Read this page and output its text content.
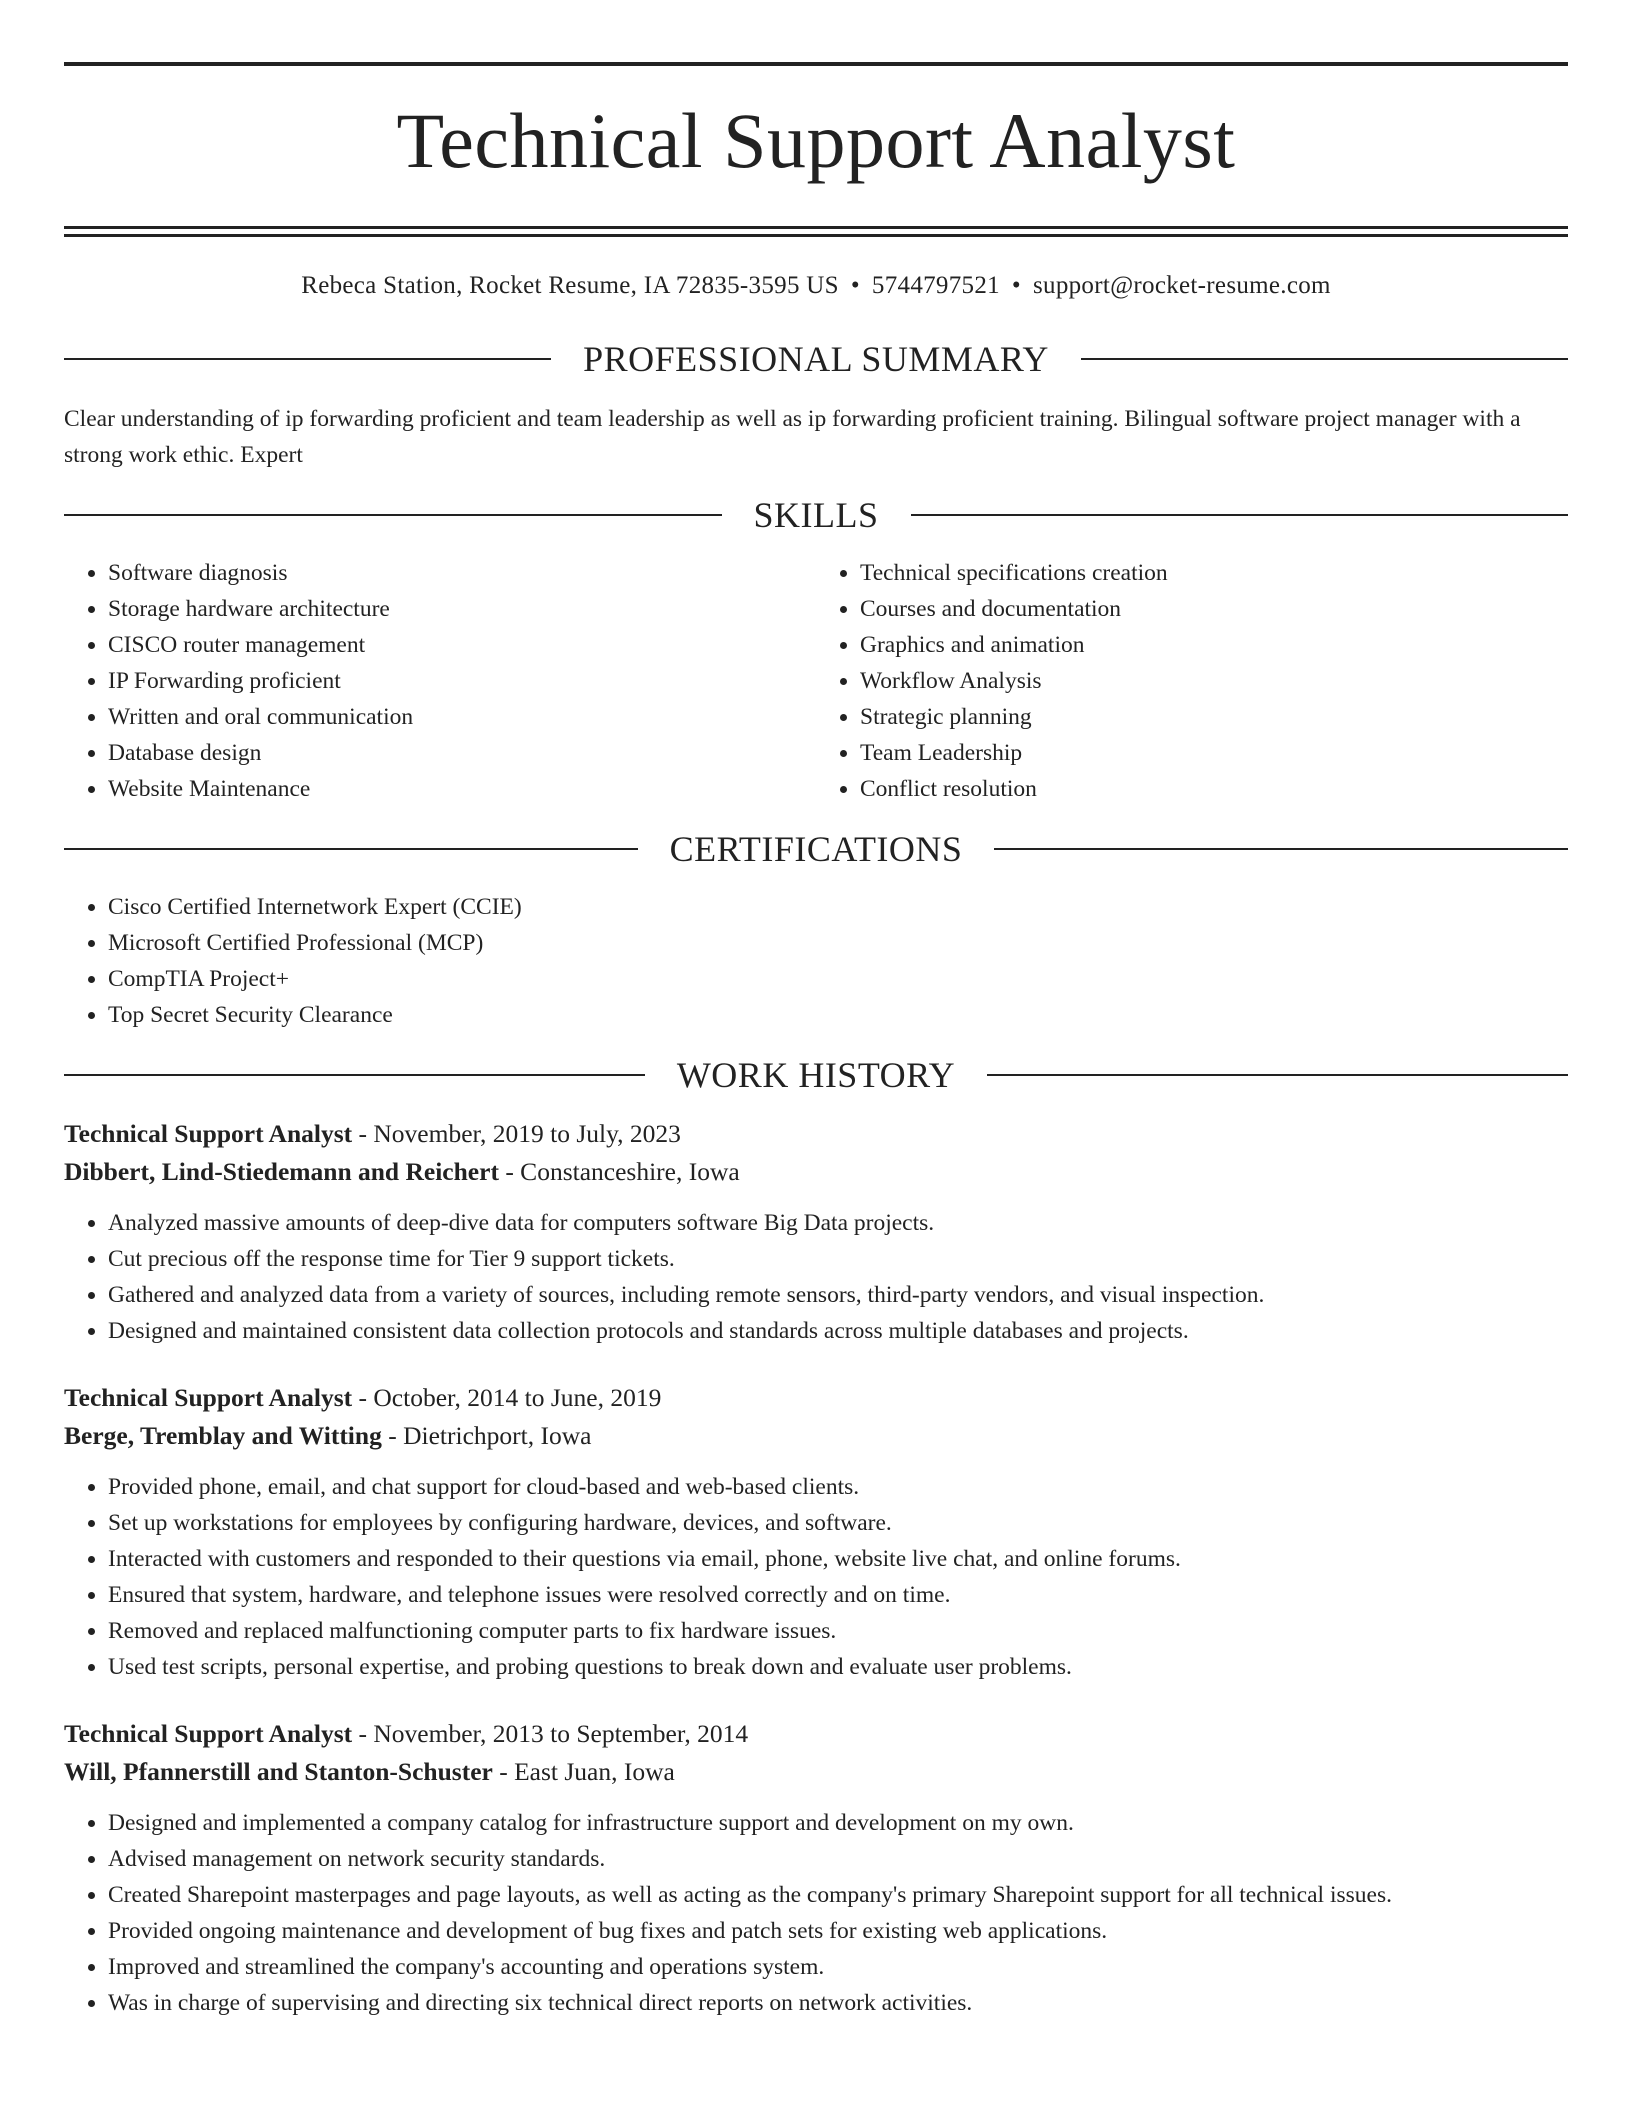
Technical Support Analyst
Rebeca Station, Rocket Resume, IA 72835-3595 US • 5744797521 • support@rocket-resume.com
PROFESSIONAL SUMMARY

Clear understanding of ip forwarding proficient and team leadership as well as ip forwarding proficient training. Bilingual software project manager with a strong work ethic. Expert

SKILLS
• Software diagnosis
• Storage hardware architecture
• CISCO router management
• IP Forwarding proficient
• Written and oral communication
• Database design
• Website Maintenance
• Technical specifications creation
• Courses and documentation
• Graphics and animation
• Workflow Analysis
• Strategic planning
• Team Leadership
• Conflict resolution
CERTIFICATIONS
• Cisco Certified Internetwork Expert (CCIE)
• Microsoft Certified Professional (MCP)
• CompTIA Project+
• Top Secret Security Clearance
WORK HISTORY

Technical Support Analyst - November, 2019 to July, 2023

Dibbert, Lind-Stiedemann and Reichert - Constanceshire, Iowa

• Analyzed massive amounts of deep-dive data for computers software Big Data projects.
• Cut precious off the response time for Tier 9 support tickets.
• Gathered and analyzed data from a variety of sources, including remote sensors, third-party vendors, and visual inspection.
• Designed and maintained consistent data collection protocols and standards across multiple databases and projects.

Technical Support Analyst - October, 2014 to June, 2019

Berge, Tremblay and Witting - Dietrichport, Iowa

• Provided phone, email, and chat support for cloud-based and web-based clients.
• Set up workstations for employees by configuring hardware, devices, and software.
• Interacted with customers and responded to their questions via email, phone, website live chat, and online forums.
• Ensured that system, hardware, and telephone issues were resolved correctly and on time.
• Removed and replaced malfunctioning computer parts to fix hardware issues.
• Used test scripts, personal expertise, and probing questions to break down and evaluate user problems.

Technical Support Analyst - November, 2013 to September, 2014

Will, Pfannerstill and Stanton-Schuster - East Juan, Iowa

• Designed and implemented a company catalog for infrastructure support and development on my own.
• Advised management on network security standards.
• Created Sharepoint masterpages and page layouts, as well as acting as the company's primary Sharepoint support for all technical issues.
• Provided ongoing maintenance and development of bug fixes and patch sets for existing web applications.
• Improved and streamlined the company's accounting and operations system.
• Was in charge of supervising and directing six technical direct reports on network activities.
